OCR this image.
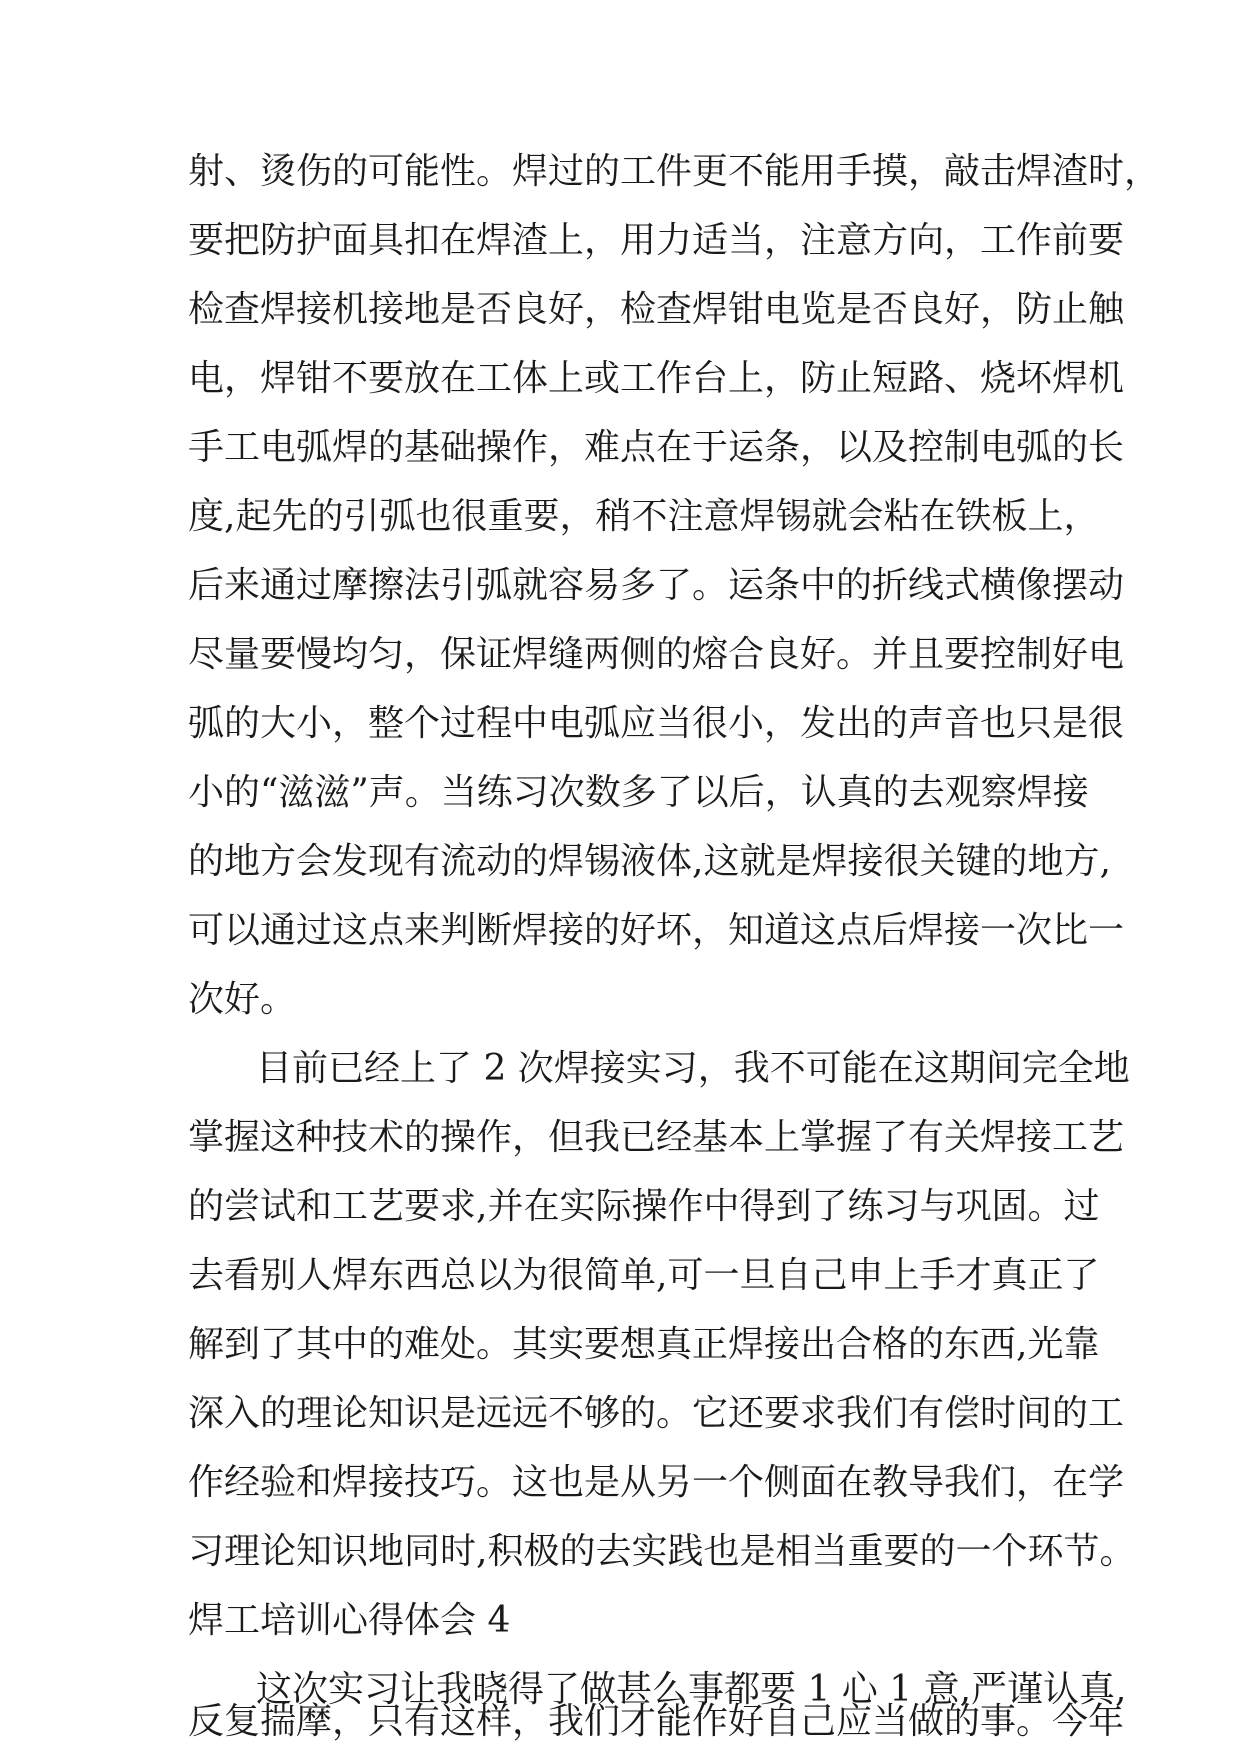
射、烫伤的可能性。焊过的工件更不能用手摸，敲击焊渣时，
要把防护面具扣在焊渣上，用力适当，注意方向，工作前要
检查焊接机接地是否良好，检查焊钳电览是否良好，防止触
电，焊钳不要放在工体上或工作台上，防止短路、烧坏焊机
手工电弧焊的基础操作，难点在于运条，以及控制电弧的长
度,起先的引弧也很重要，稍不注意焊锡就会粘在铁板上，
后来通过摩擦法引弧就容易多了。运条中的折线式横像摆动
尽量要慢均匀，保证焊缝两侧的熔合良好。并且要控制好电
弧的大小，整个过程中电弧应当很小，发出的声音也只是很
小的“滋滋”声。当练习次数多了以后，认真的去观察焊接
的地方会发现有流动的焊锡液体,这就是焊接很关键的地方,
可以通过这点来判断焊接的好坏，知道这点后焊接一次比一
次好。
目前已经上了 2 次焊接实习，我不可能在这期间完全地
掌握这种技术的操作，但我已经基本上掌握了有关焊接工艺
的尝试和工艺要求,并在实际操作中得到了练习与巩固。过
去看别人焊东西总以为很简单,可一旦自己申上手才真正了
解到了其中的难处。其实要想真正焊接出合格的东西,光靠
深入的理论知识是远远不够的。它还要求我们有偿时间的工
作经验和焊接技巧。这也是从另一个侧面在教导我们，在学
习理论知识地同时,积极的去实践也是相当重要的一个环节。
焊工培训心得体会 4
这次实习让我晓得了做甚么事都要 1 心 1 意,严谨认真,
反复揣摩，只有这样，我们才能作好自己应当做的事。今年
